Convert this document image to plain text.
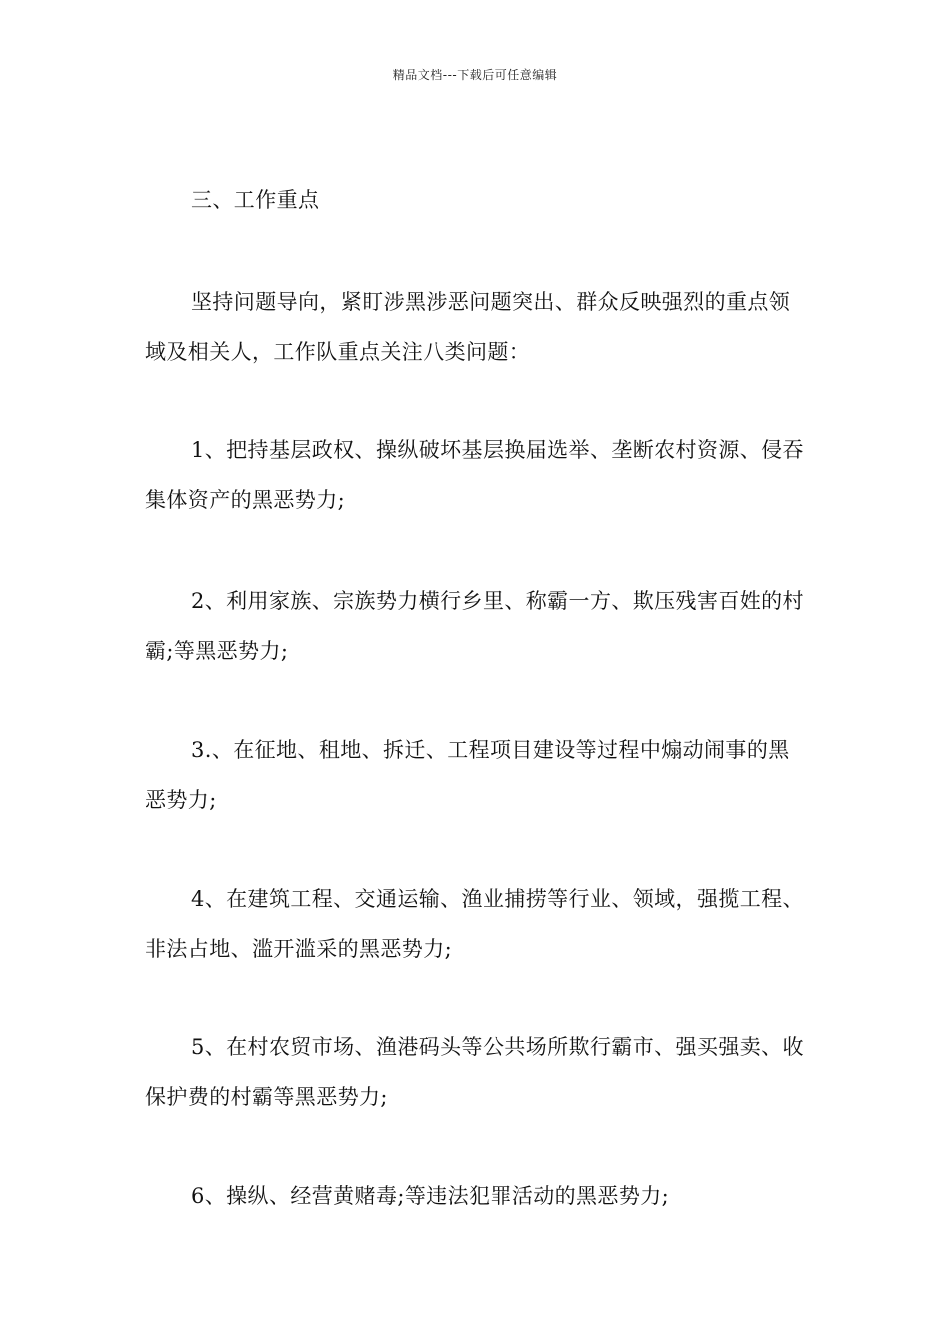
精品文档---下载后可任意编辑
三、工作重点
坚持问题导向，紧盯涉黑涉恶问题突出、群众反映强烈的重点领域及相关人，工作队重点关注八类问题：
1、把持基层政权、操纵破坏基层换届选举、垄断农村资源、侵吞集体资产的黑恶势力;
2、利用家族、宗族势力横行乡里、称霸一方、欺压残害百姓的村霸;等黑恶势力;
3.、在征地、租地、拆迁、工程项目建设等过程中煽动闹事的黑恶势力;
4、在建筑工程、交通运输、渔业捕捞等行业、领域，强揽工程、非法占地、滥开滥采的黑恶势力;
5、在村农贸市场、渔港码头等公共场所欺行霸市、强买强卖、收保护费的村霸等黑恶势力;
6、操纵、经营黄赌毒;等违法犯罪活动的黑恶势力;
